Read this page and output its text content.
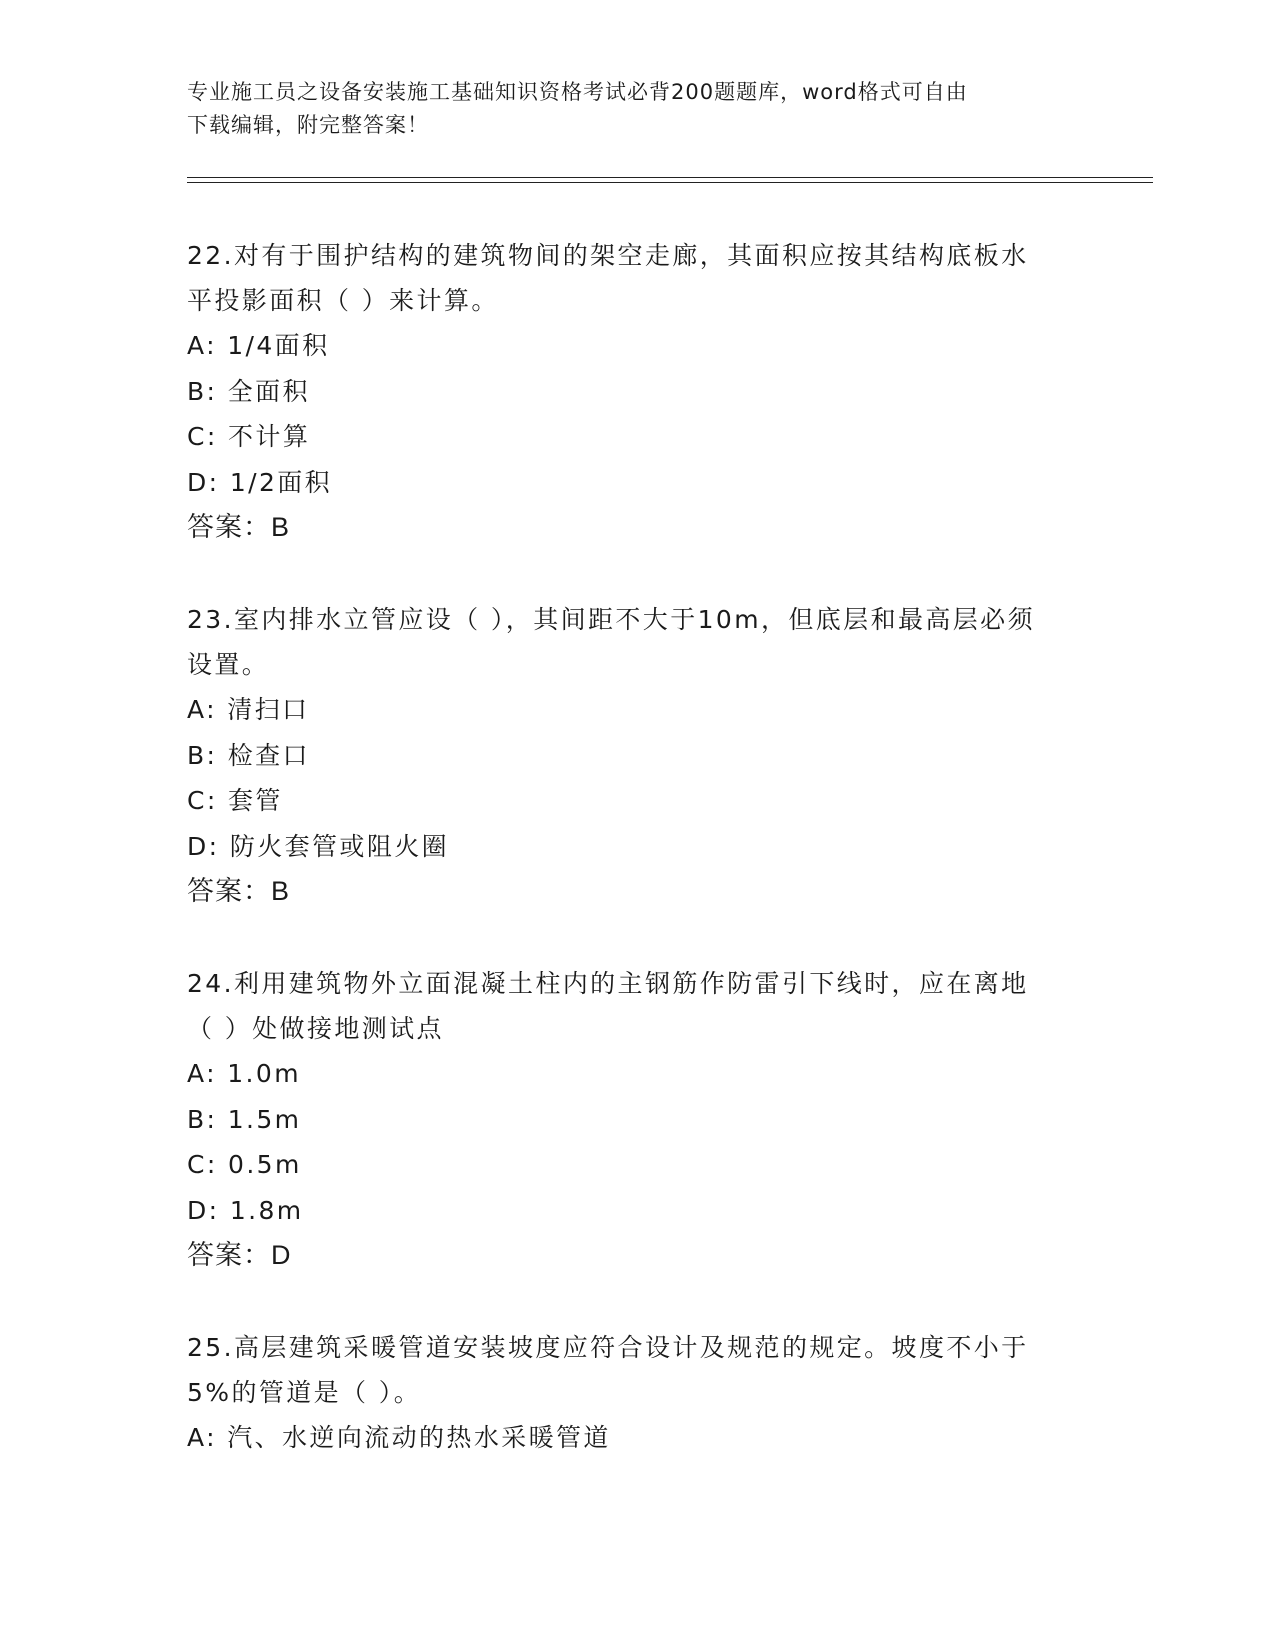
专业施工员之设备安装施工基础知识资格考试必背200题题库，word格式可自由
下载编辑，附完整答案！

22.对有于围护结构的建筑物间的架空走廊，其面积应按其结构底板水

平投影面积（ ）来计算。

A: 1/4面积

B: 全面积

C: 不计算

D: 1/2面积

答案：B

23.室内排水立管应设（ ），其间距不大于10m，但底层和最高层必须

设置。

A: 清扫口

B: 检查口

C: 套管

D: 防火套管或阻火圈

答案：B

24.利用建筑物外立面混凝土柱内的主钢筋作防雷引下线时，应在离地

（ ）处做接地测试点

A: 1.0m

B: 1.5m

C: 0.5m

D: 1.8m

答案：D

25.高层建筑采暖管道安装坡度应符合设计及规范的规定。坡度不小于

5%的管道是（ ）。

A: 汽、水逆向流动的热水采暖管道
